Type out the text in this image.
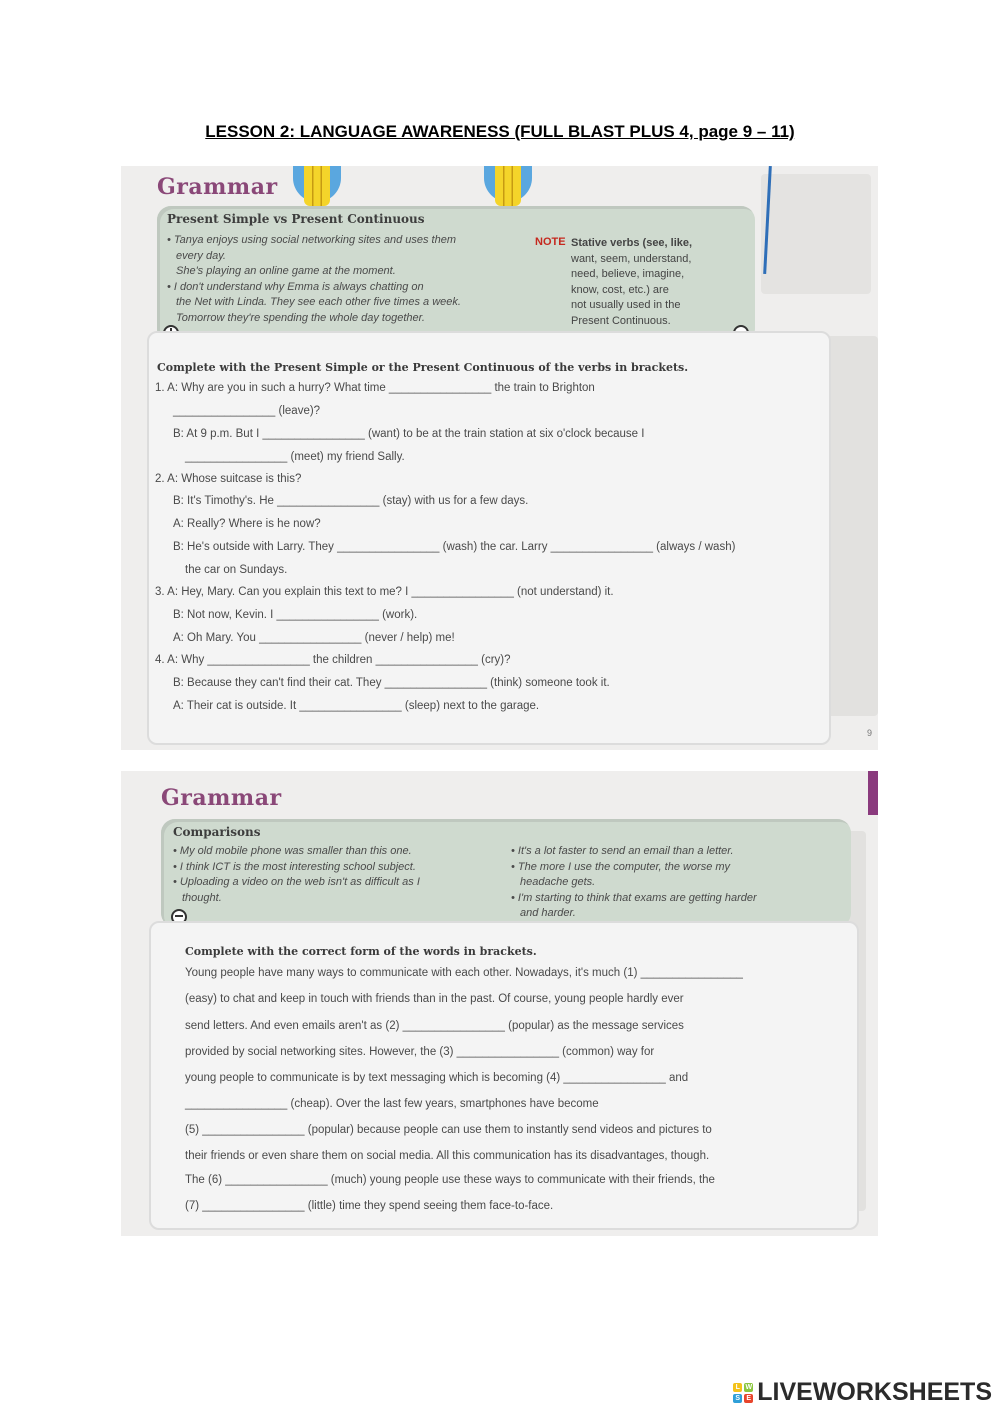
LESSON 2: LANGUAGE AWARENESS (FULL BLAST PLUS 4, page 9 – 11)
Grammar
Present Simple vs Present Continuous
• Tanya enjoys using social networking sites and uses them
every day.
She's playing an online game at the moment.
• I don't understand why Emma is always chatting on
the Net with Linda. They see each other five times a week.
Tomorrow they're spending the whole day together.
NOTE Stative verbs (see, like,
want, seem, understand,
need, believe, imagine,
know, cost, etc.) are
not usually used in the
Present Continuous.
Complete with the Present Simple or the Present Continuous of the verbs in brackets.
1. A: Why are you in such a hurry? What time ________________ the train to Brighton
________________ (leave)?
B: At 9 p.m. But I ________________ (want) to be at the train station at six o'clock because I
________________ (meet) my friend Sally.
2. A: Whose suitcase is this?
B: It's Timothy's. He ________________ (stay) with us for a few days.
A: Really? Where is he now?
B: He's outside with Larry. They ________________ (wash) the car. Larry ________________ (always / wash)
the car on Sundays.
3. A: Hey, Mary. Can you explain this text to me? I ________________ (not understand) it.
B: Not now, Kevin. I ________________ (work).
A: Oh Mary. You ________________ (never / help) me!
4. A: Why ________________ the children ________________ (cry)?
B: Because they can't find their cat. They ________________ (think) someone took it.
A: Their cat is outside. It ________________ (sleep) next to the garage.
9
Grammar
Comparisons
• My old mobile phone was smaller than this one.
• I think ICT is the most interesting school subject.
• Uploading a video on the web isn't as difficult as I
thought.
• It's a lot faster to send an email than a letter.
• The more I use the computer, the worse my
headache gets.
• I'm starting to think that exams are getting harder
and harder.
Complete with the correct form of the words in brackets.
Young people have many ways to communicate with each other. Nowadays, it's much (1) ________________
(easy) to chat and keep in touch with friends than in the past. Of course, young people hardly ever
send letters. And even emails aren't as (2) ________________ (popular) as the message services
provided by social networking sites. However, the (3) ________________ (common) way for
young people to communicate is by text messaging which is becoming (4) ________________ and
________________ (cheap). Over the last few years, smartphones have become
(5) ________________ (popular) because people can use them to instantly send videos and pictures to
their friends or even share them on social media. All this communication has its disadvantages, though.
The (6) ________________ (much) young people use these ways to communicate with their friends, the
(7) ________________ (little) time they spend seeing them face-to-face.
L W
S E LIVEWORKSHEETS
